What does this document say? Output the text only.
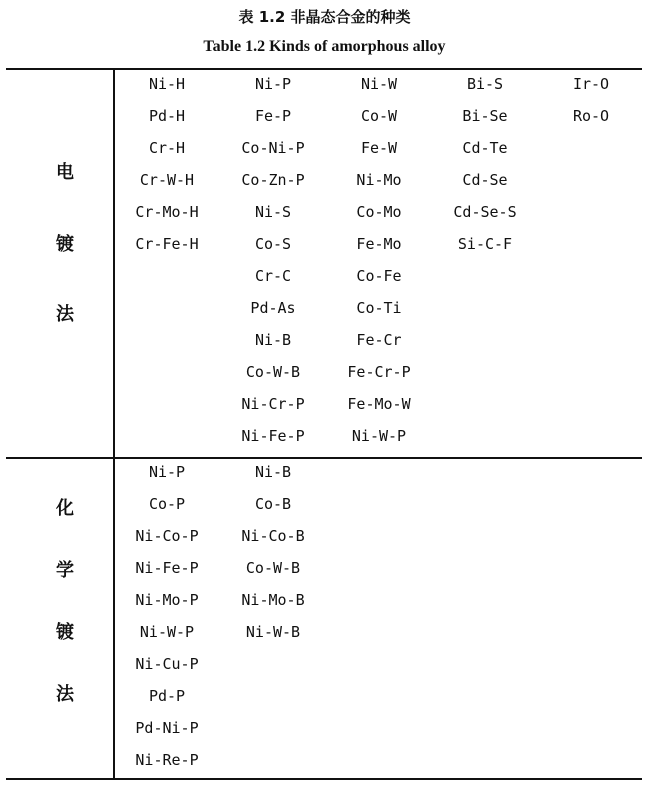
表 1.2 非晶态合金的种类
Table 1.2 Kinds of amorphous alloy
电
镀
法
Ni-H
Pd-H
Cr-H
Cr-W-H
Cr-Mo-H
Cr-Fe-H
Ni-P
Fe-P
Co-Ni-P
Co-Zn-P
Ni-S
Co-S
Cr-C
Pd-As
Ni-B
Co-W-B
Ni-Cr-P
Ni-Fe-P
Ni-W
Co-W
Fe-W
Ni-Mo
Co-Mo
Fe-Mo
Co-Fe
Co-Ti
Fe-Cr
Fe-Cr-P
Fe-Mo-W
Ni-W-P
Bi-S
Bi-Se
Cd-Te
Cd-Se
Cd-Se-S
Si-C-F
Ir-O
Ro-O
化
学
镀
法
Ni-P
Co-P
Ni-Co-P
Ni-Fe-P
Ni-Mo-P
Ni-W-P
Ni-Cu-P
Pd-P
Pd-Ni-P
Ni-Re-P
Ni-B
Co-B
Ni-Co-B
Co-W-B
Ni-Mo-B
Ni-W-B
